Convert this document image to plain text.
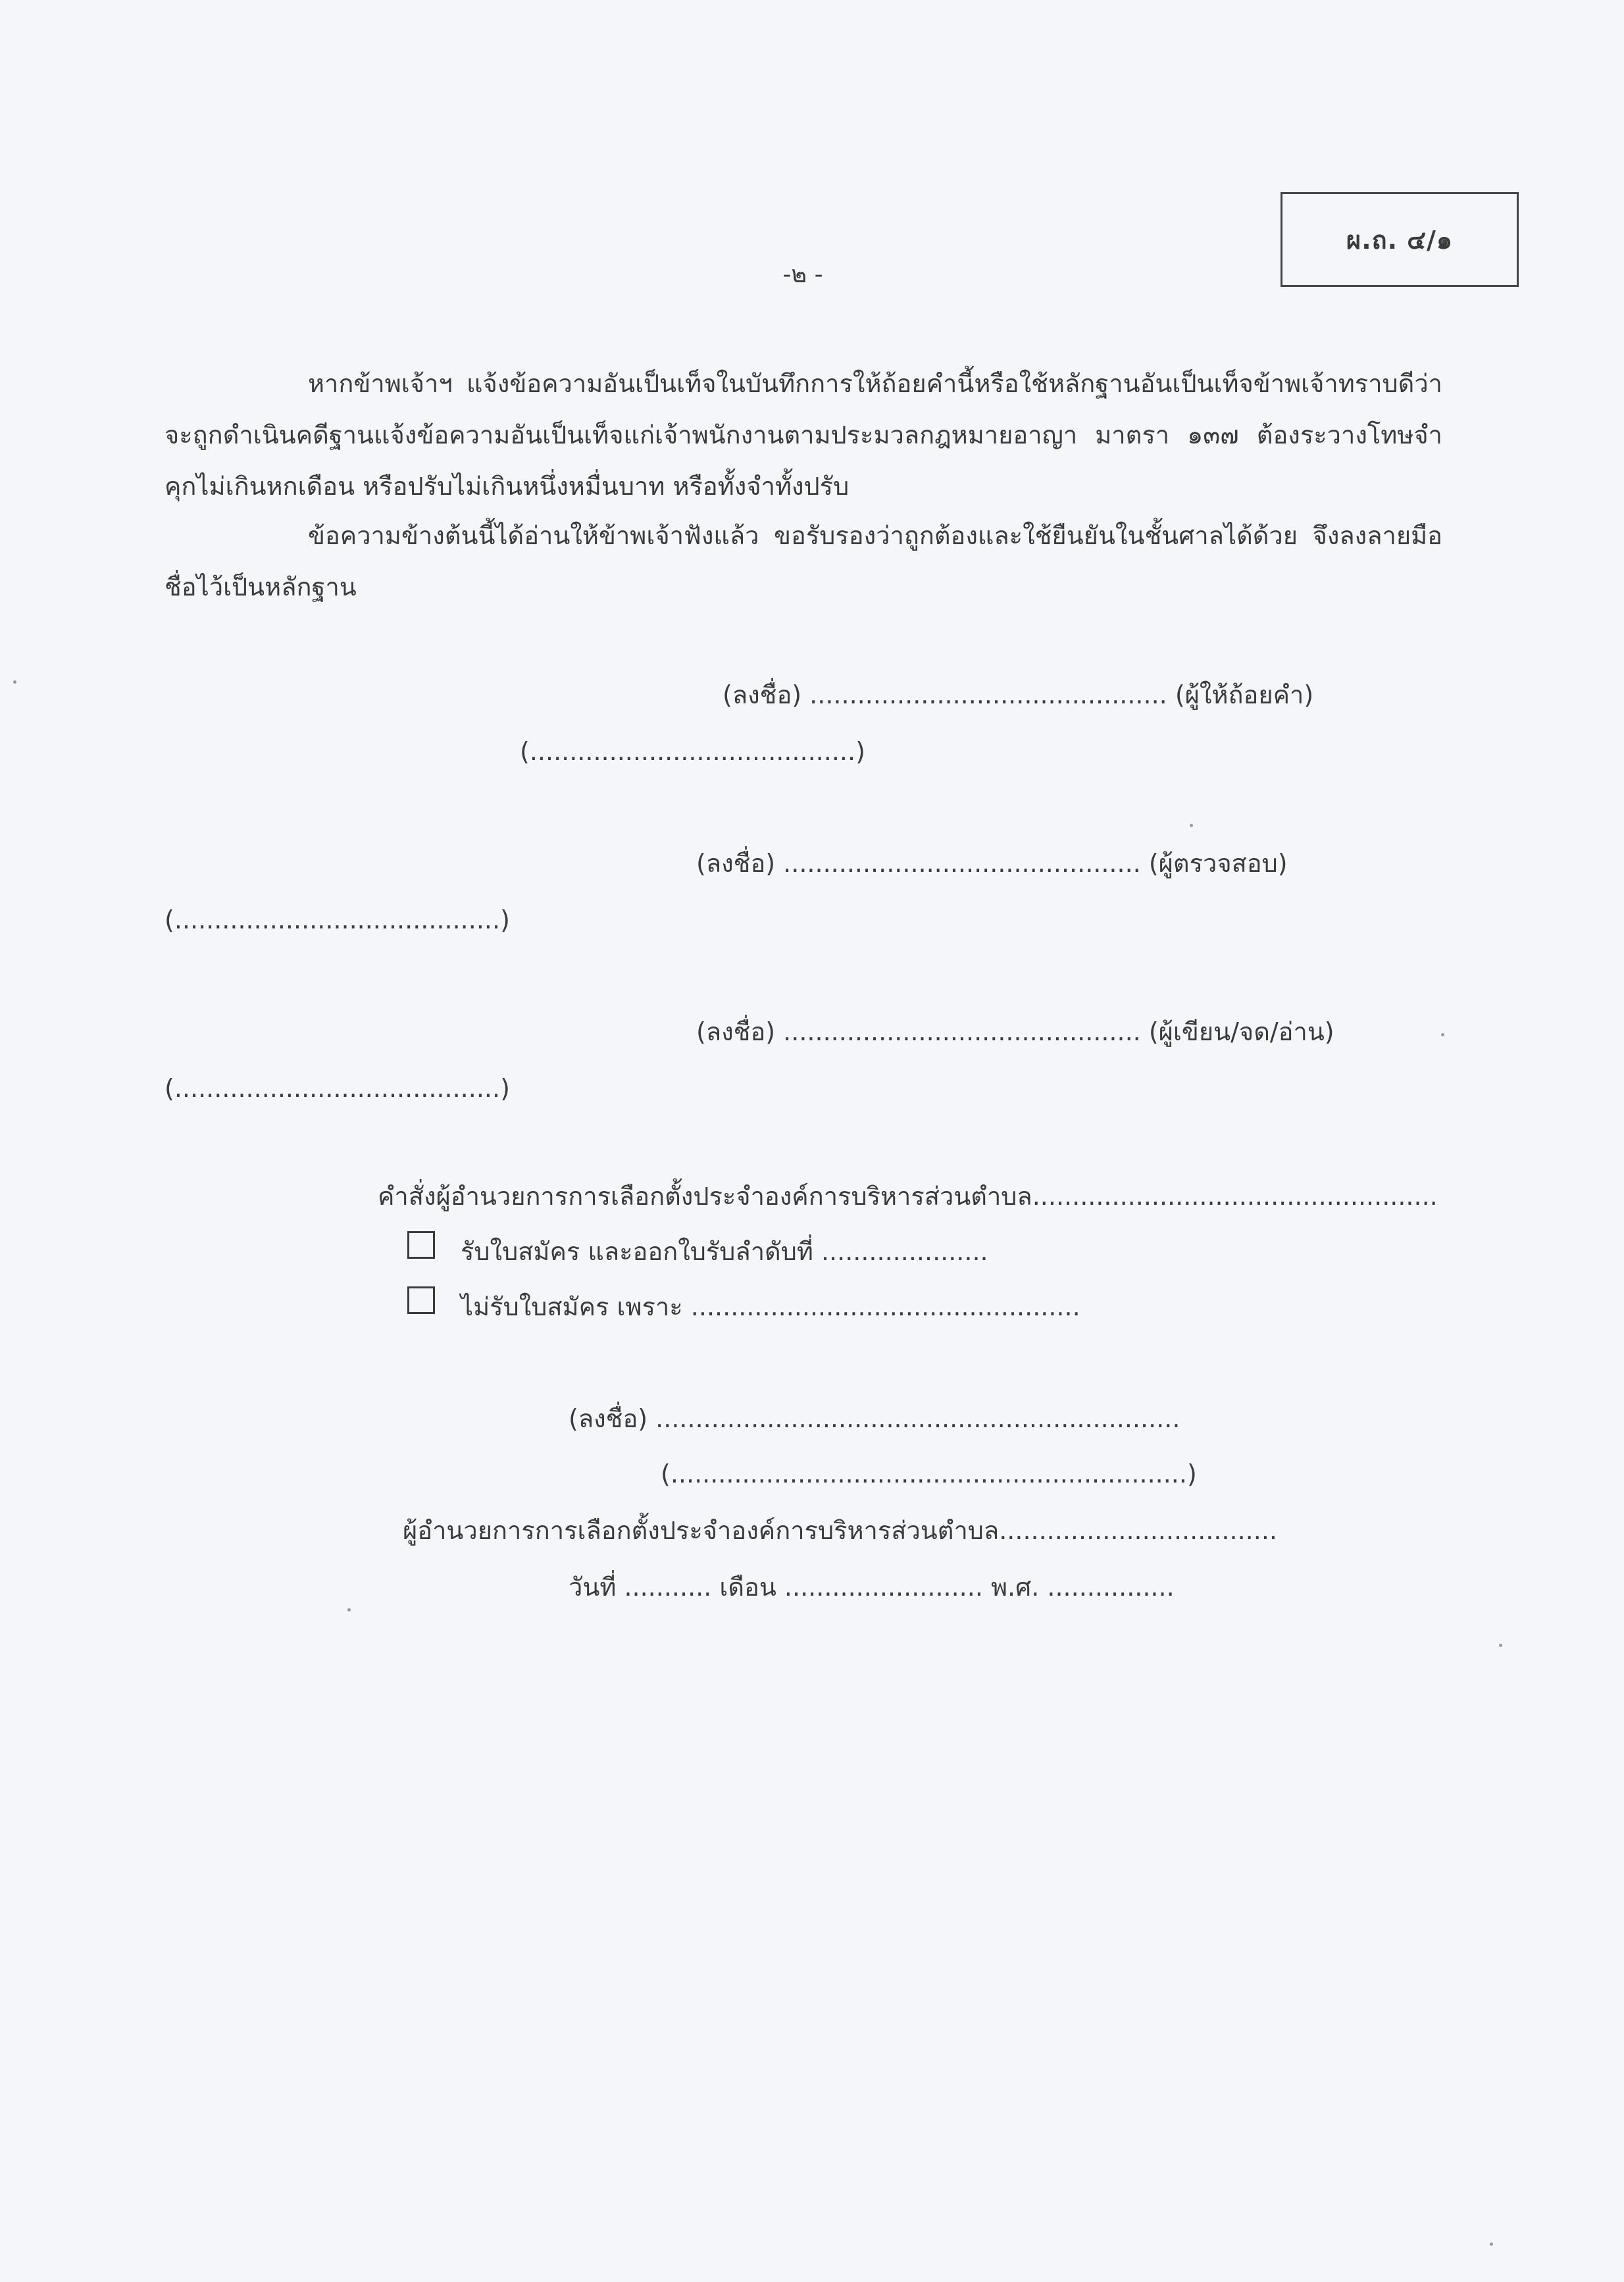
ผ.ถ. ๔/๑
-๒ -

หากข้าพเจ้าฯ แจ้งข้อความอันเป็นเท็จในบันทึกการให้ถ้อยคำนี้หรือใช้หลักฐานอันเป็นเท็จข้าพเจ้าทราบดีว่าจะถูกดำเนินคดีฐานแจ้งข้อความอันเป็นเท็จแก่เจ้าพนักงานตามประมวลกฎหมายอาญา มาตรา ๑๓๗ ต้องระวางโทษจำคุกไม่เกินหกเดือน หรือปรับไม่เกินหนึ่งหมื่นบาท หรือทั้งจำทั้งปรับ

ข้อความข้างต้นนี้ได้อ่านให้ข้าพเจ้าฟังแล้ว ขอรับรองว่าถูกต้องและใช้ยืนยันในชั้นศาลได้ด้วย จึงลงลายมือชื่อไว้เป็นหลักฐาน

(ลงชื่อ) ............................................. (ผู้ให้ถ้อยคำ)
(.........................................)
(ลงชื่อ) ............................................. (ผู้ตรวจสอบ)
(.........................................)
(ลงชื่อ) ............................................. (ผู้เขียน/จด/อ่าน)
(.........................................)
คำสั่งผู้อำนวยการการเลือกตั้งประจำองค์การบริหารส่วนตำบล...................................................
รับใบสมัคร และออกใบรับลำดับที่ .....................
ไม่รับใบสมัคร เพราะ .................................................
(ลงชื่อ) ..................................................................
(.................................................................)
ผู้อำนวยการการเลือกตั้งประจำองค์การบริหารส่วนตำบล...................................
วันที่ ........... เดือน ......................... พ.ศ. ................
